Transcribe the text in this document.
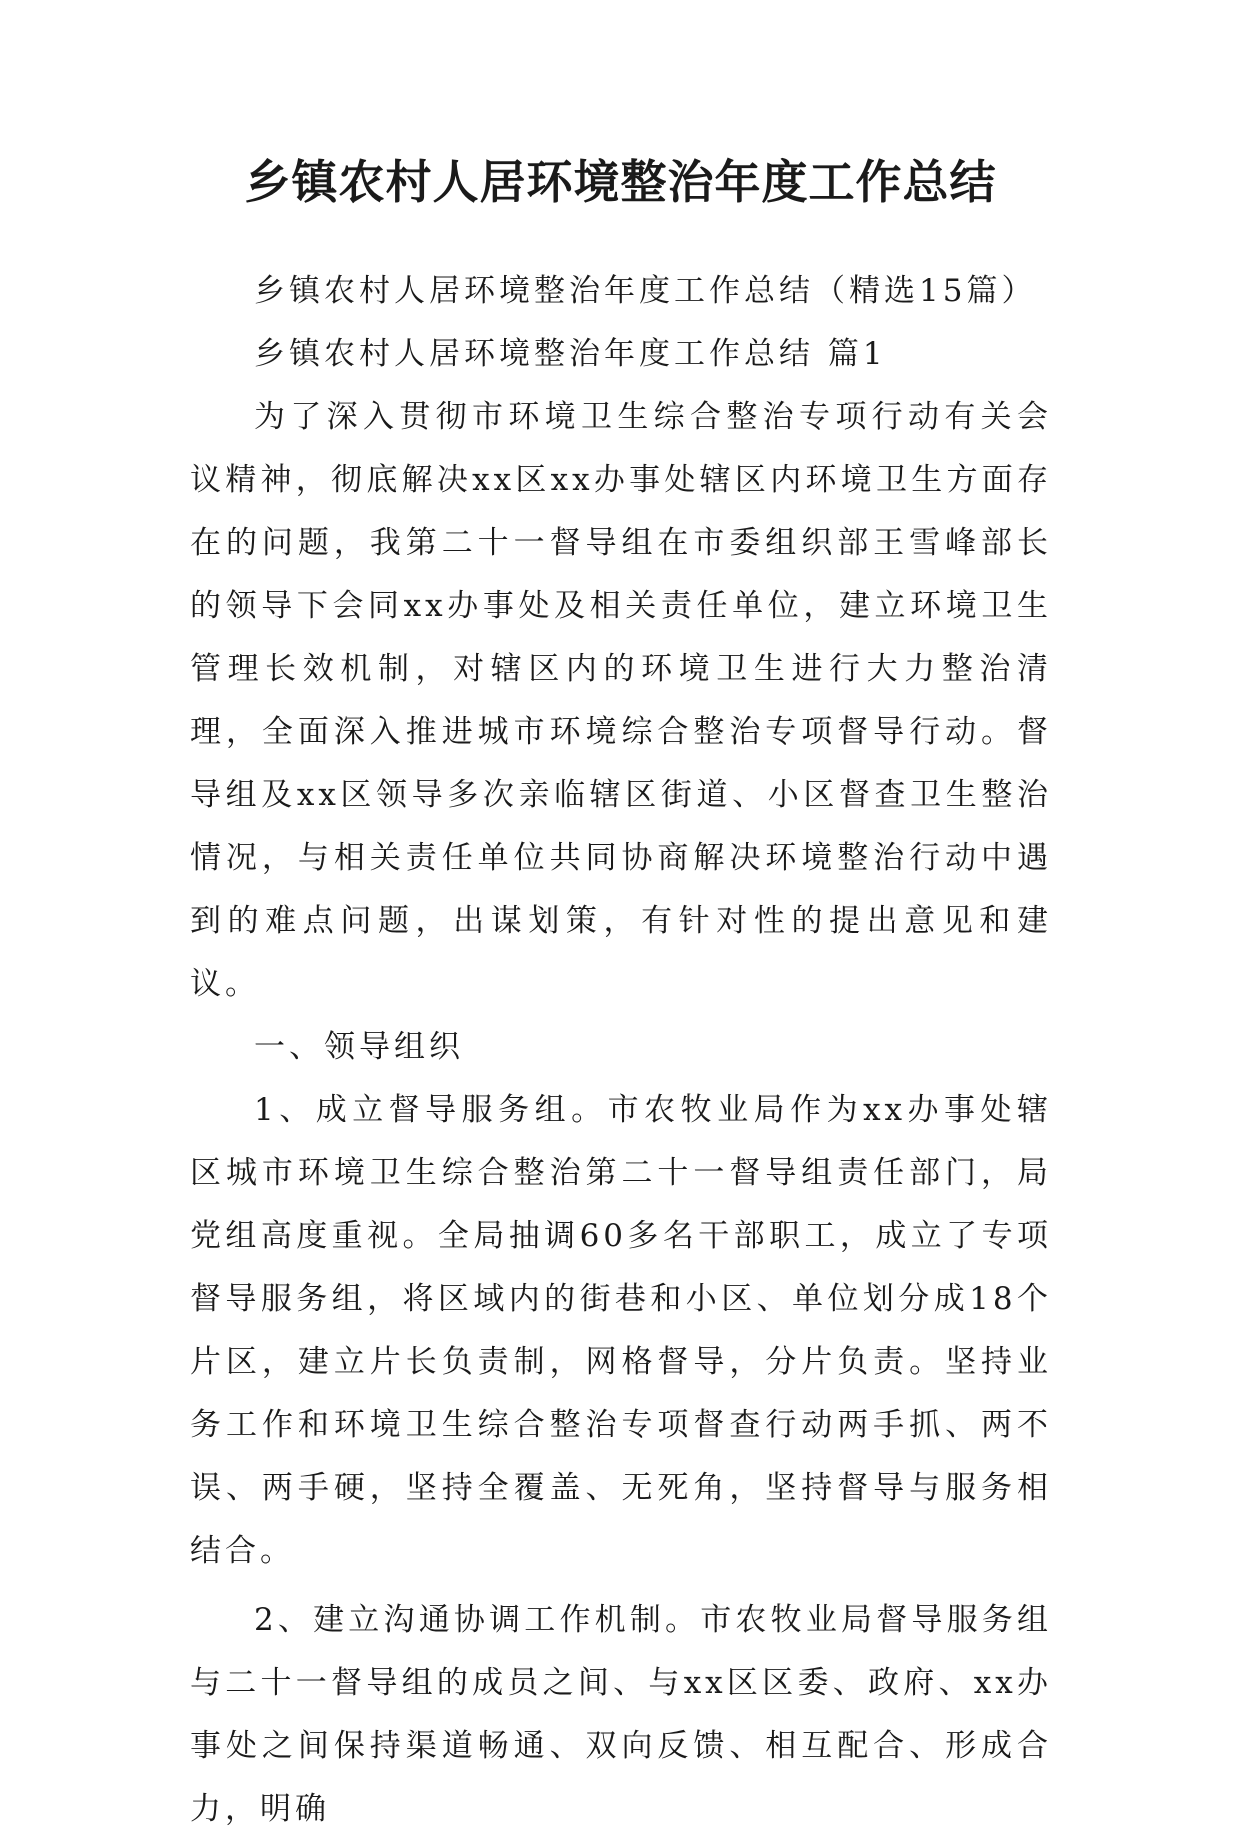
乡镇农村人居环境整治年度工作总结

乡镇农村人居环境整治年度工作总结（精选15篇）

乡镇农村人居环境整治年度工作总结 篇1

为了深入贯彻市环境卫生综合整治专项行动有关会议精神，彻底解决xx区xx办事处辖区内环境卫生方面存在的问题，我第二十一督导组在市委组织部王雪峰部长的领导下会同xx办事处及相关责任单位，建立环境卫生管理长效机制，对辖区内的环境卫生进行大力整治清理，全面深入推进城市环境综合整治专项督导行动。督导组及xx区领导多次亲临辖区街道、小区督查卫生整治情况，与相关责任单位共同协商解决环境整治行动中遇到的难点问题，出谋划策，有针对性的提出意见和建议。

一、领导组织

1、成立督导服务组。市农牧业局作为xx办事处辖区城市环境卫生综合整治第二十一督导组责任部门，局党组高度重视。全局抽调60多名干部职工，成立了专项督导服务组，将区域内的街巷和小区、单位划分成18个片区，建立片长负责制，网格督导，分片负责。坚持业务工作和环境卫生综合整治专项督查行动两手抓、两不误、两手硬，坚持全覆盖、无死角，坚持督导与服务相结合。

2、建立沟通协调工作机制。市农牧业局督导服务组与二十一督导组的成员之间、与xx区区委、政府、xx办事处之间保持渠道畅通、双向反馈、相互配合、形成合力，明确
